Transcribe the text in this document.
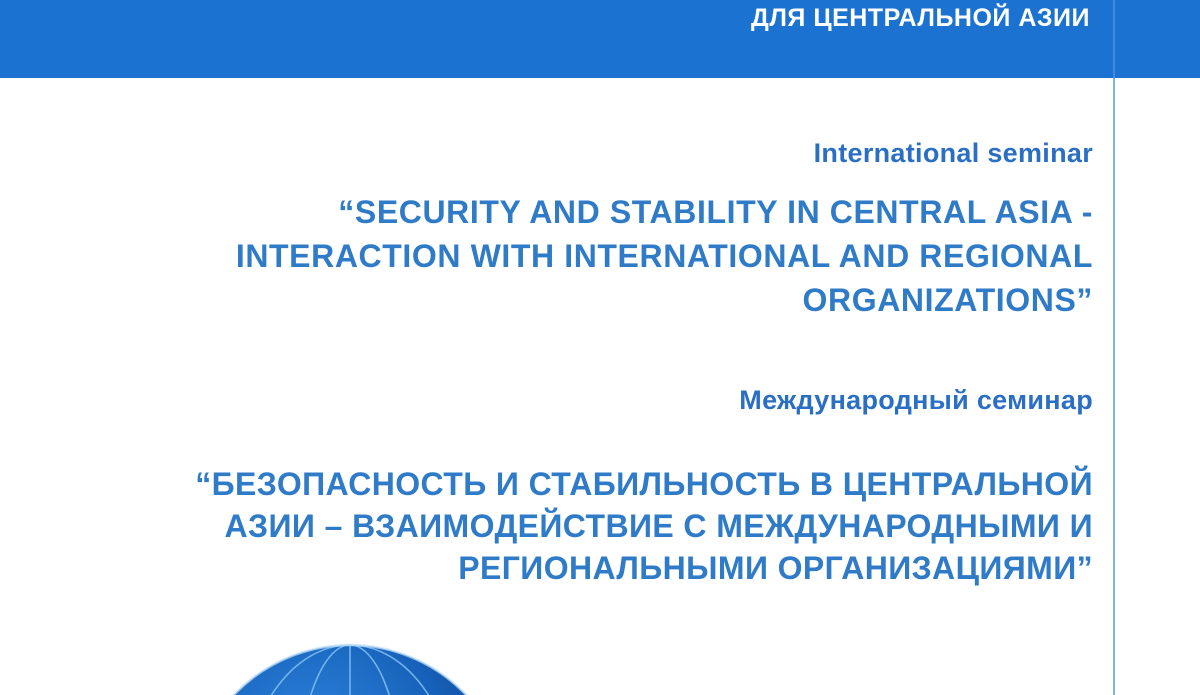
ДЛЯ ЦЕНТРАЛЬНОЙ АЗИИ
International seminar
“SECURITY AND STABILITY IN CENTRAL ASIA - INTERACTION WITH INTERNATIONAL AND REGIONAL ORGANIZATIONS”
Международный семинар
“БЕЗОПАСНОСТЬ И СТАБИЛЬНОСТЬ В ЦЕНТРАЛЬНОЙ АЗИИ – ВЗАИМОДЕЙСТВИЕ С МЕЖДУНАРОДНЫМИ И РЕГИОНАЛЬНЫМИ ОРГАНИЗАЦИЯМИ”
